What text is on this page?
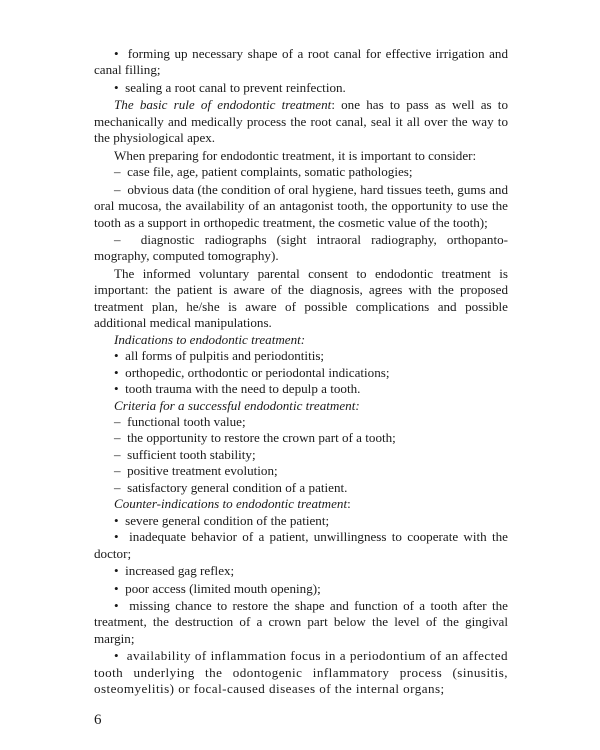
•  forming up necessary shape of a root canal for effective irrigation and canal filling;

•  sealing a root canal to prevent reinfection.

The basic rule of endodontic treatment: one has to pass as well as to mechanically and medically process the root canal, seal it all over the way to the physiological apex.

When preparing for endodontic treatment, it is important to consider:

–  case file, age, patient complaints, somatic pathologies;

–  obvious data (the condition of oral hygiene, hard tissues teeth, gums and oral mucosa, the availability of an antagonist tooth, the opportunity to use the tooth as a support in orthopedic treatment, the cosmetic value of the tooth);

–  diagnostic radiographs (sight intraoral radiography, orthopantomography, computed tomography).

The informed voluntary parental consent to endodontic treatment is important: the patient is aware of the diagnosis, agrees with the proposed treatment plan, he/she is aware of possible complications and possible additional medical manipulations.

Indications to endodontic treatment:

•  all forms of pulpitis and periodontitis;

•  orthopedic, orthodontic or periodontal indications;

•  tooth trauma with the need to depulp a tooth.

Criteria for a successful endodontic treatment:

–  functional tooth value;

–  the opportunity to restore the crown part of a tooth;

–  sufficient tooth stability;

–  positive treatment evolution;

–  satisfactory general condition of a patient.

Counter-indications to endodontic treatment:

•  severe general condition of the patient;

•  inadequate behavior of a patient, unwillingness to cooperate with the doctor;

•  increased gag reflex;

•  poor access (limited mouth opening);

•  missing chance to restore the shape and function of a tooth after the treatment, the destruction of a crown part below the level of the gingival margin;

•  availability of inflammation focus in a periodontium of an affected tooth underlying the odontogenic inflammatory process (sinusitis, osteomyelitis) or focal-caused diseases of the internal organs;

6
